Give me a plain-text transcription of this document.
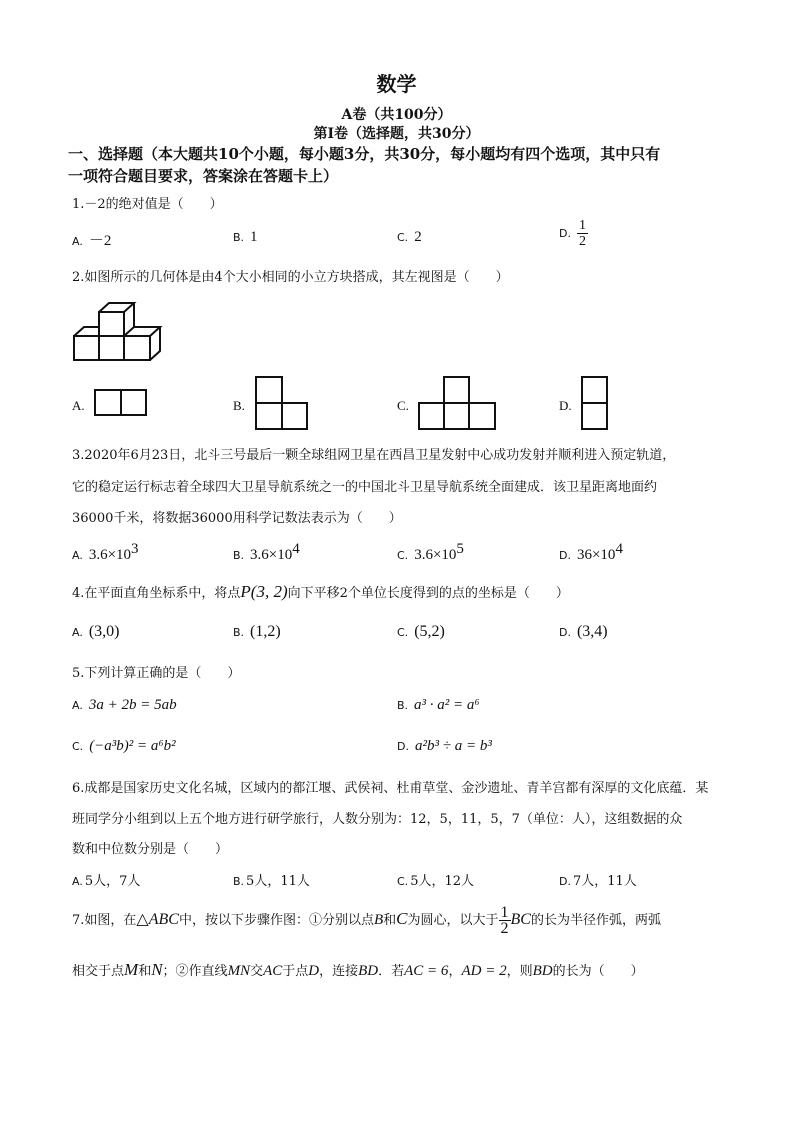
数学
A卷（共100分）
第I卷（选择题，共30分）
一、选择题（本大题共10个小题，每小题3分，共30分，每小题均有四个选项，其中只有
一项符合题目要求，答案涂在答题卡上）
1.－2的绝对值是（　　）
A. －2	B. 1	C. 2	D. $\frac{1}{2}$
2.如图所示的几何体是由4个大小相同的小立方块搭成，其左视图是（　　）
A.	B.	C.	D.
3.2020年6月23日，北斗三号最后一颗全球组网卫星在西昌卫星发射中心成功发射并顺利进入预定轨道，
它的稳定运行标志着全球四大卫星导航系统之一的中国北斗卫星导航系统全面建成．该卫星距离地面约
36000千米，将数据36000用科学记数法表示为（　　）
A. $3.6\times 10^3$	B. $3.6\times 10^4$	C. $3.6\times 10^5$	D. $36\times 10^4$
4.在平面直角坐标系中，将点P(3, 2)向下平移2个单位长度得到的点的坐标是（　　）
A. (3,0)	B. (1,2)	C. (5,2)	D. (3,4)
5.下列计算正确的是（　　）
A. 3a + 2b = 5ab	B. a³ · a² = a⁶
C. (−a³b)² = a⁶b²	D. a²b³ ÷ a = b³
6.成都是国家历史文化名城，区域内的都江堰、武侯祠、杜甫草堂、金沙遗址、青羊宫都有深厚的文化底蕴．某
班同学分小组到以上五个地方进行研学旅行，人数分别为：12，5，11，5，7（单位：人），这组数据的众
数和中位数分别是（　　）
A. 5人，7人	B. 5人，11人	C. 5人，12人	D. 7人，11人
7.如图，在△ABC中，按以下步骤作图：①分别以点B和C为圆心，以大于 $\frac{1}{2}$ BC的长为半径作弧，两弧
相交于点M和N；②作直线MN交AC于点D，连接BD．若AC = 6，AD = 2，则BD的长为（　　）
